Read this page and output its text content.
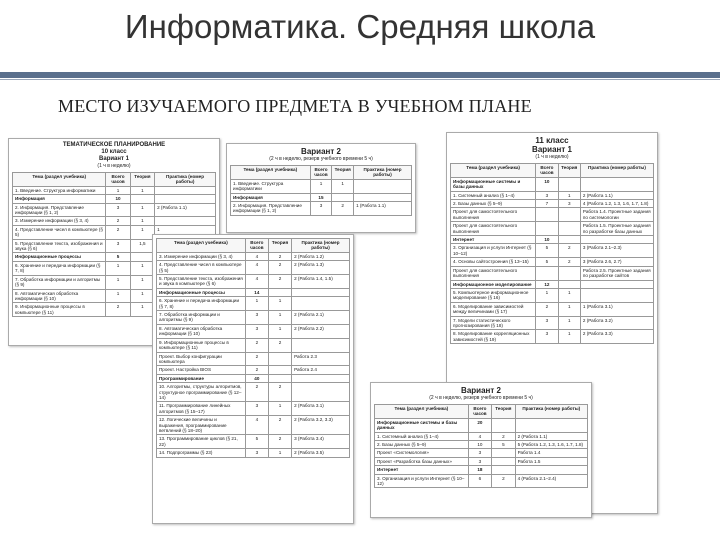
Информатика. Средняя школа
МЕСТО ИЗУЧАЕМОГО ПРЕДМЕТА В УЧЕБНОМ ПЛАНЕ
ТЕМАТИЧЕСКОЕ ПЛАНИРОВАНИЕ
10 класс
Вариант 1
(1 ч в неделю)
Тема (раздел учебника)	Всего часов	Теория	Практика (номер работы)
1. Введение. Структура информатики	1	1	
Информация	10		
2. Информация. Представление информации (§ 1, 2)	3	1	2 (Работа 1.1)
3. Измерение информации (§ 3, 4)	2	1	
4. Представление чисел в компьютере (§ 5)	2	1	1
5. Представление текста, изображения и звука (§ 6)	3	1,5	
Информационные процессы	5		
6. Хранение и передача информации (§ 7, 8)	1	1	
7. Обработка информации и алгоритмы (§ 9)	1	1	
8. Автоматическая обработка информации (§ 10)	1	1	
9. Информационные процессы в компьютере (§ 11)	2	1	
Вариант 2
(2 ч в неделю, резерв учебного времени 5 ч)
Тема (раздел учебника)	Всего часов	Теория	Практика (номер работы)
1. Введение. Структура информатики	1	1	
Информация	15		
2. Информация. Представление информации (§ 1, 2)	3	2	1 (Работа 1.1)
Тема (раздел учебника)	Всего часов	Теория	Практика (номер работы)
3. Измерение информации (§ 3, 4)	4	2	2 (Работа 1.2)
4. Представление чисел в компьютере (§ 5)	4	2	2 (Работа 1.3)
5. Представление текста, изображения и звука в компьютере (§ 6)	4	2	2 (Работа 1.4, 1.5)
Информационные процессы	14		
6. Хранение и передача информации (§ 7, 8)	1	1	
7. Обработка информации и алгоритмы (§ 9)	3	1	2 (Работа 2.1)
8. Автоматическая обработка информации (§ 10)	3	1	2 (Работа 2.2)
9. Информационные процессы в компьютере (§ 11)	2	2	
Проект. Выбор конфигурации компьютера	2		Работа 2.3
Проект. Настройка BIOS	2		Работа 2.4
Программирование	40		
10. Алгоритмы, структуры алгоритмов, структурное программирование (§ 12–14)	2	2	
11. Программирование линейных алгоритмов (§ 15–17)	3	1	2 (Работа 3.1)
12. Логические величины и выражения, программирование ветвлений (§ 18–20)	4	2	2 (Работа 3.2, 3.3)
13. Программирование циклов (§ 21, 22)	5	2	3 (Работа 3.4)
14. Подпрограммы (§ 23)	3	1	2 (Работа 3.5)
11 класс
Вариант 1
(1 ч в неделю)
Тема (раздел учебника)	Всего часов	Теория	Практика (номер работы)
Информационные системы и базы данных	10		
1. Системный анализ (§ 1–4)	3	1	2 (Работа 1.1)
2. Базы данных (§ 5–9)	7	3	4 (Работа 1.2, 1.3, 1.6, 1.7, 1.8)
Проект для самостоятельного выполнения			Работа 1.4. Проектные задания по системологии
Проект для самостоятельного выполнения			Работа 1.5. Проектные задания по разработке базы данных
Интернет	10		
3. Организация и услуги Интернет (§ 10–12)	5	2	3 (Работа 2.1–2.3)
4. Основы сайтостроения (§ 13–15)	5	2	3 (Работа 2.6, 2.7)
Проект для самостоятельного выполнения			Работа 2.5. Проектные задания по разработке сайтов
Информационное моделирование	12		
5. Компьютерное информационное моделирование (§ 16)	1	1	
6. Моделирование зависимостей между величинами (§ 17)	2	1	1 (Работа 3.1)
7. Модели статистического прогнозирования (§ 18)	3	1	2 (Работа 3.2)
8. Моделирование корреляционных зависимостей (§ 19)	3	1	2 (Работа 3.3)
Вариант 2
(2 ч в неделю, резерв учебного времени 5 ч)
Тема (раздел учебника)	Всего часов	Теория	Практика (номер работы)
Информационные системы и базы данных	20		
1. Системный анализ (§ 1–4)	4	2	2 (Работа 1.1)
2. Базы данных (§ 5–9)	10	5	5 (Работа 1.2, 1.3, 1.6, 1.7, 1.8)
Проект «Системология»	3		Работа 1.4
Проект «Разработка базы данных»	3		Работа 1.5
Интернет	18		
3. Организация и услуги Интернет (§ 10–12)	6	2	4 (Работа 2.1–2.4)
